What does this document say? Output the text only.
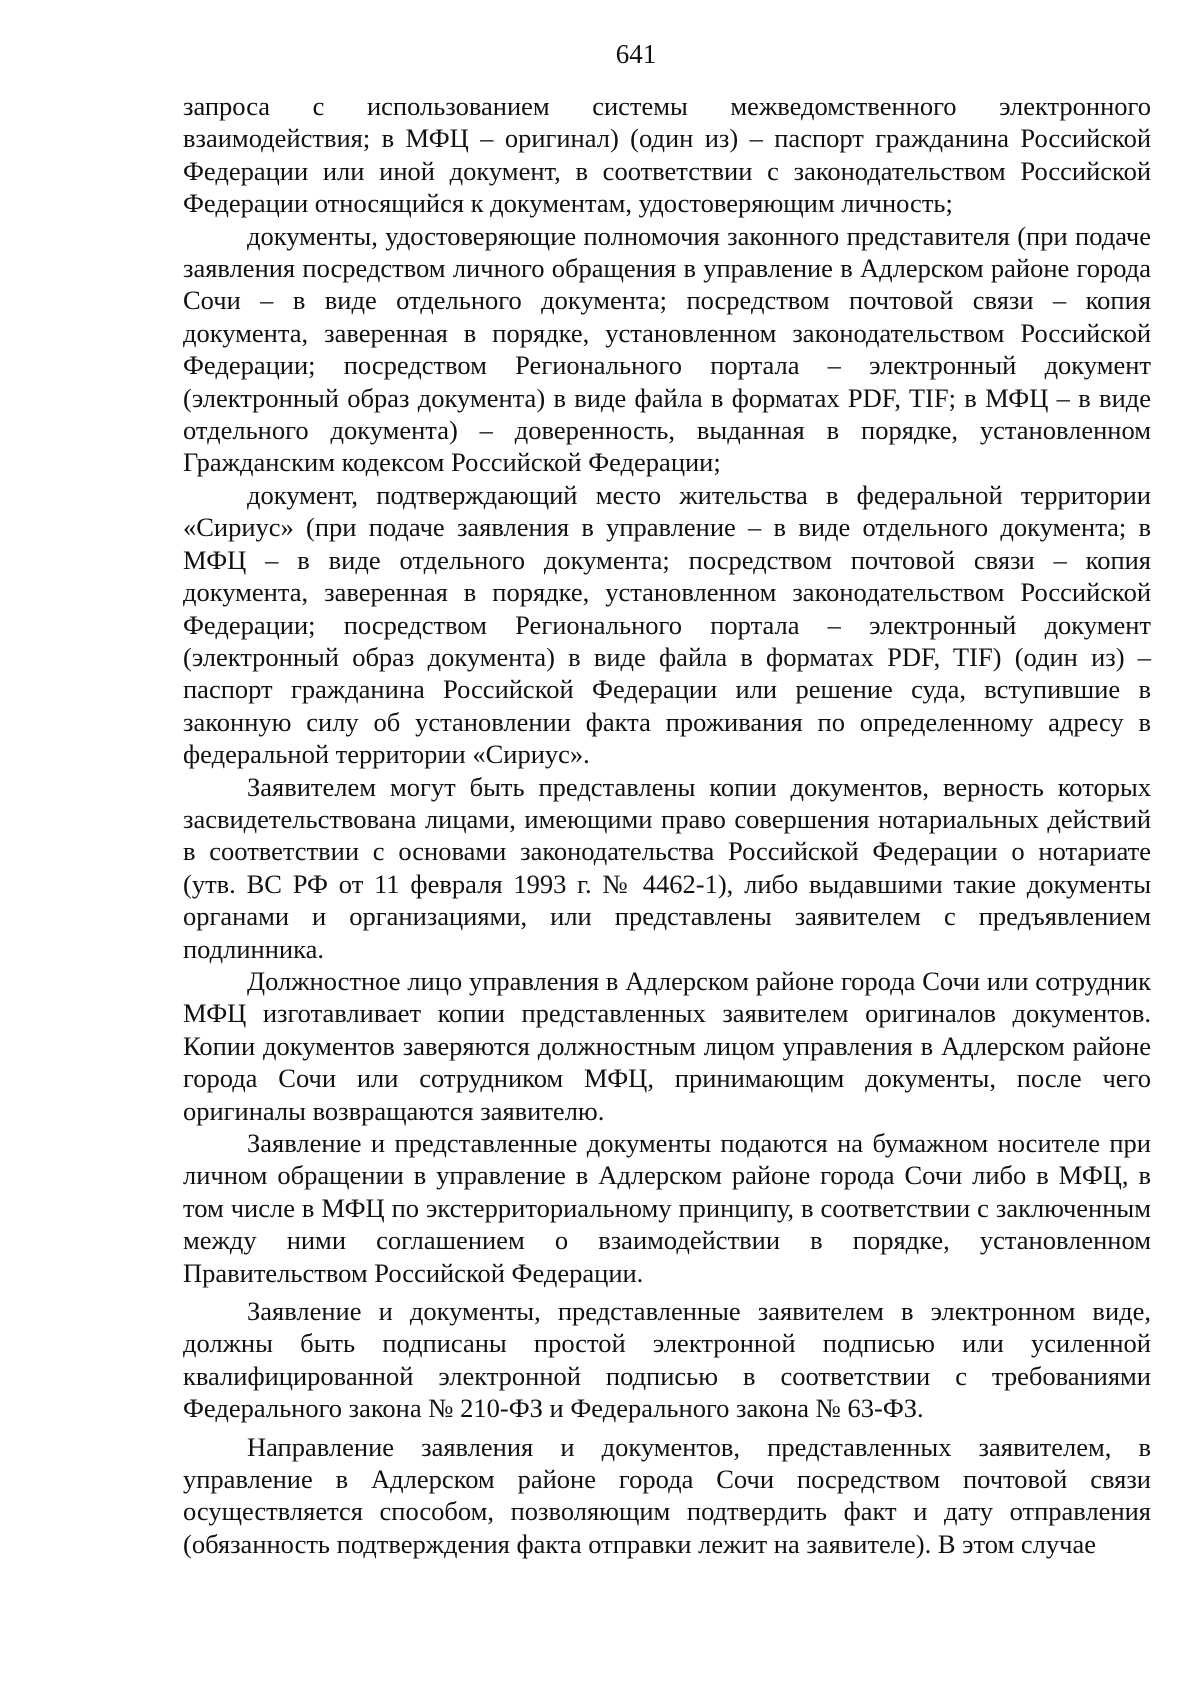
641

запроса с использованием системы межведомственного электронного взаимодействия; в МФЦ – оригинал) (один из) – паспорт гражданина Российской Федерации или иной документ, в соответствии с законодательством Российской Федерации относящийся к документам, удостоверяющим личность;

документы, удостоверяющие полномочия законного представителя (при подаче заявления посредством личного обращения в управление в Адлерском районе города Сочи – в виде отдельного документа; посредством почтовой связи – копия документа, заверенная в порядке, установленном законодательством Российской Федерации; посредством Регионального портала – электронный документ (электронный образ документа) в виде файла в форматах PDF, TIF; в МФЦ – в виде отдельного документа) – доверенность, выданная в порядке, установленном Гражданским кодексом Российской Федерации;

документ, подтверждающий место жительства в федеральной территории «Сириус» (при подаче заявления в управление – в виде отдельного документа; в МФЦ – в виде отдельного документа; посредством почтовой связи – копия документа, заверенная в порядке, установленном законодательством Российской Федерации; посредством Регионального портала – электронный документ (электронный образ документа) в виде файла в форматах PDF, TIF) (один из) – паспорт гражданина Российской Федерации или решение суда, вступившие в законную силу об установлении факта проживания по определенному адресу в федеральной территории «Сириус».

Заявителем могут быть представлены копии документов, верность которых засвидетельствована лицами, имеющими право совершения нотариальных действий в соответствии с основами законодательства Российской Федерации о нотариате (утв. ВС РФ от 11 февраля 1993 г. № 4462-1), либо выдавшими такие документы органами и организациями, или представлены заявителем с предъявлением подлинника.

Должностное лицо управления в Адлерском районе города Сочи или сотрудник МФЦ изготавливает копии представленных заявителем оригиналов документов. Копии документов заверяются должностным лицом управления в Адлерском районе города Сочи или сотрудником МФЦ, принимающим документы, после чего оригиналы возвращаются заявителю.

Заявление и представленные документы подаются на бумажном носителе при личном обращении в управление в Адлерском районе города Сочи либо в МФЦ, в том числе в МФЦ по экстерриториальному принципу, в соответствии с заключенным между ними соглашением о взаимодействии в порядке, установленном Правительством Российской Федерации.

Заявление и документы, представленные заявителем в электронном виде, должны быть подписаны простой электронной подписью или усиленной квалифицированной электронной подписью в соответствии с требованиями Федерального закона № 210-ФЗ и Федерального закона № 63-ФЗ.

Направление заявления и документов, представленных заявителем, в управление в Адлерском районе города Сочи посредством почтовой связи осуществляется способом, позволяющим подтвердить факт и дату отправления (обязанность подтверждения факта отправки лежит на заявителе). В этом случае
